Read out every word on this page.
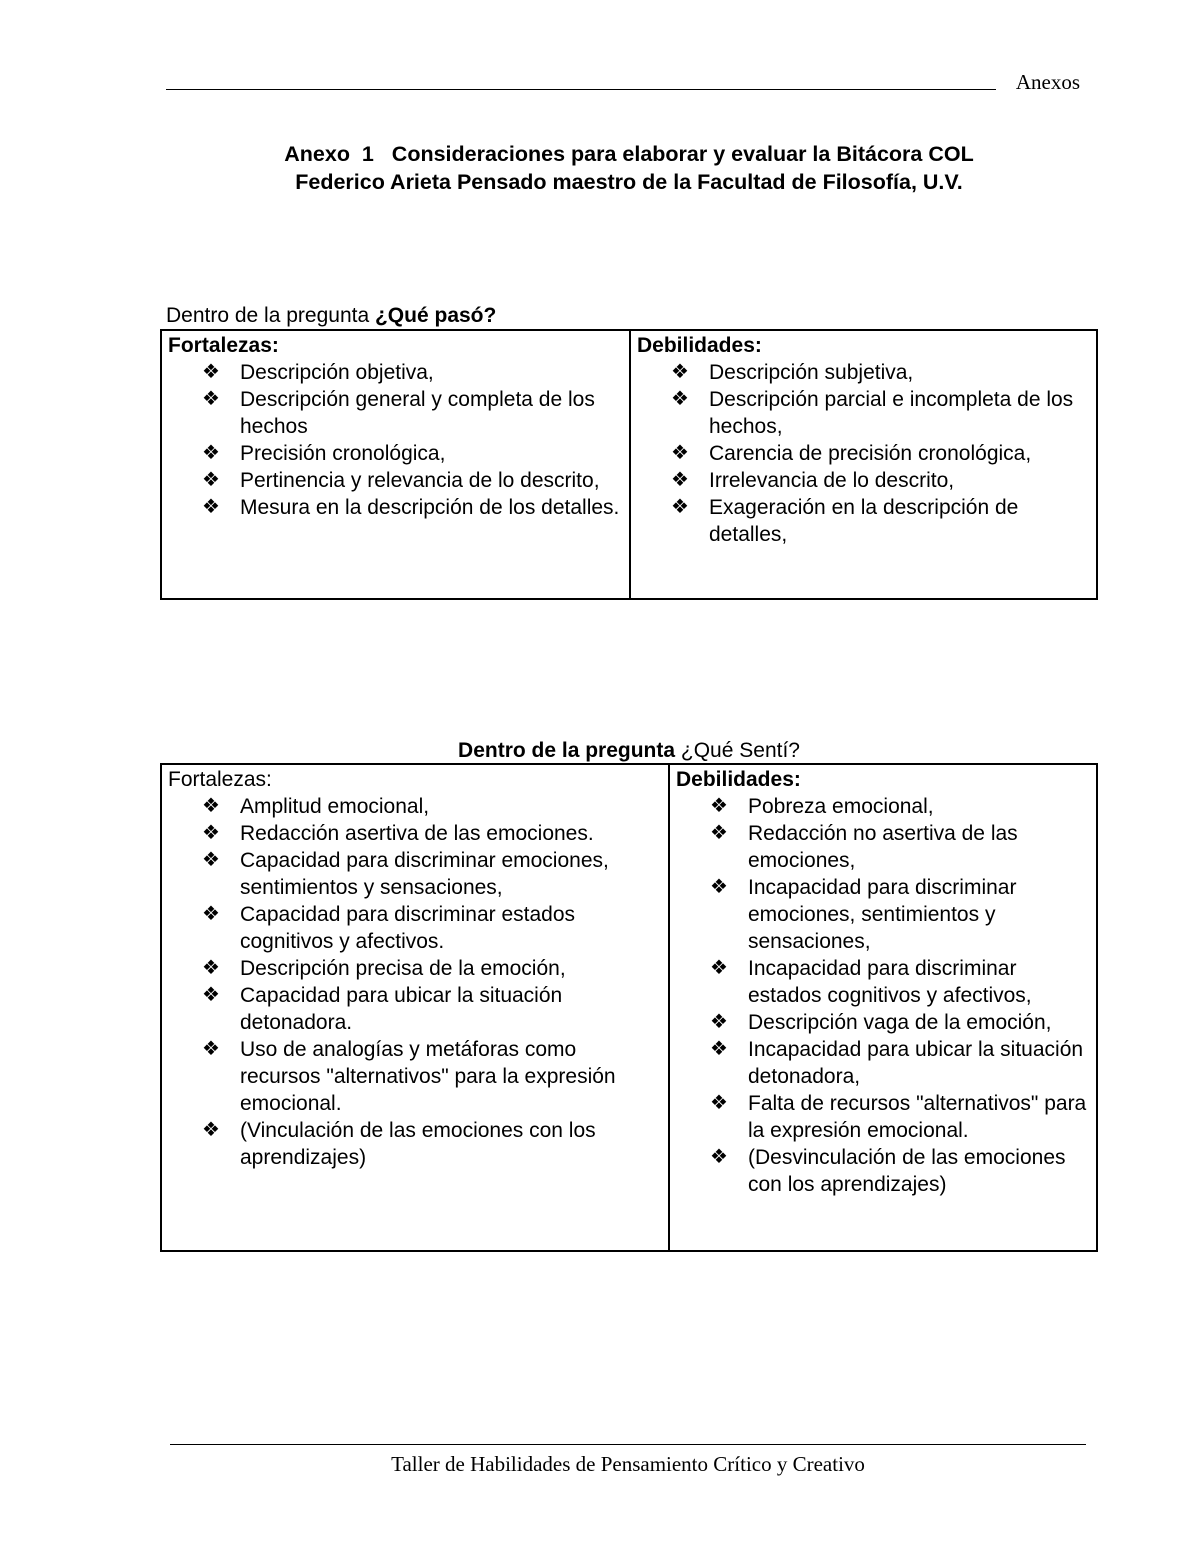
Anexos
Anexo  1   Consideraciones para elaborar y evaluar la Bitácora COL
Federico Arieta Pensado maestro de la Facultad de Filosofía, U.V.
Dentro de la pregunta ¿Qué pasó?
Fortalezas:
❖ Descripción objetiva,
❖ Descripción general y completa de los hechos
❖ Precisión cronológica,
❖ Pertinencia y relevancia de lo descrito,
❖ Mesura en la descripción de los detalles.

Debilidades:
❖ Descripción subjetiva,
❖ Descripción parcial e incompleta de los hechos,
❖ Carencia de precisión cronológica,
❖ Irrelevancia de lo descrito,
❖ Exageración en la descripción de detalles,
Dentro de la pregunta ¿Qué Sentí?
Fortalezas:
❖ Amplitud emocional,
❖ Redacción asertiva de las emociones.
❖ Capacidad para discriminar emociones, sentimientos y sensaciones,
❖ Capacidad para discriminar estados cognitivos y afectivos.
❖ Descripción precisa de la emoción,
❖ Capacidad para ubicar la situación detonadora.
❖ Uso de analogías y metáforas como recursos "alternativos" para la expresión emocional.
❖ (Vinculación de las emociones con los aprendizajes)

Debilidades:
❖ Pobreza emocional,
❖ Redacción no asertiva de las emociones,
❖ Incapacidad para discriminar emociones, sentimientos y sensaciones,
❖ Incapacidad para discriminar estados cognitivos y afectivos,
❖ Descripción vaga de la emoción,
❖ Incapacidad para ubicar la situación detonadora,
❖ Falta de recursos "alternativos" para la expresión emocional.
❖ (Desvinculación de las emociones con los aprendizajes)
Taller de Habilidades de Pensamiento Crítico y Creativo
